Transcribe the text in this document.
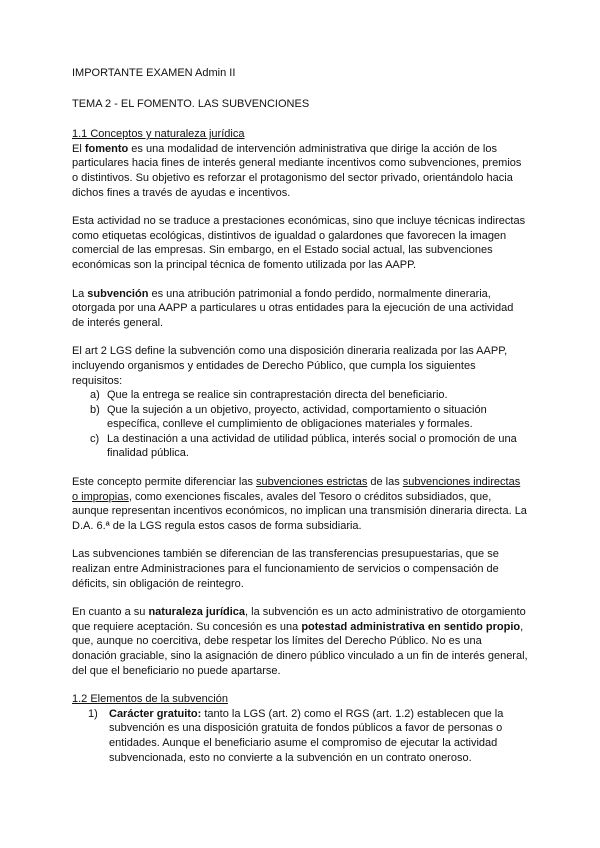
IMPORTANTE EXAMEN Admin II

TEMA 2 - EL FOMENTO. LAS SUBVENCIONES

1.1 Conceptos y naturaleza jurídica

El fomento es una modalidad de intervención administrativa que dirige la acción de los particulares hacia fines de interés general mediante incentivos como subvenciones, premios o distintivos. Su objetivo es reforzar el protagonismo del sector privado, orientándolo hacia dichos fines a través de ayudas e incentivos.

Esta actividad no se traduce a prestaciones económicas, sino que incluye técnicas indirectas como etiquetas ecológicas, distintivos de igualdad o galardones que favorecen la imagen comercial de las empresas. Sin embargo, en el Estado social actual, las subvenciones económicas son la principal técnica de fomento utilizada por las AAPP.

La subvención es una atribución patrimonial a fondo perdido, normalmente dineraria, otorgada por una AAPP a particulares u otras entidades para la ejecución de una actividad de interés general.

El art 2 LGS define la subvención como una disposición dineraria realizada por las AAPP, incluyendo organismos y entidades de Derecho Público, que cumpla los siguientes requisitos:

a) Que la entrega se realice sin contraprestación directa del beneficiario.
b) Que la sujeción a un objetivo, proyecto, actividad, comportamiento o situación específica, conlleve el cumplimiento de obligaciones materiales y formales.
c) La destinación a una actividad de utilidad pública, interés social o promoción de una finalidad pública.

Este concepto permite diferenciar las subvenciones estrictas de las subvenciones indirectas o impropias, como exenciones fiscales, avales del Tesoro o créditos subsidiados, que, aunque representan incentivos económicos, no implican una transmisión dineraria directa. La D.A. 6.ª de la LGS regula estos casos de forma subsidiaria.

Las subvenciones también se diferencian de las transferencias presupuestarias, que se realizan entre Administraciones para el funcionamiento de servicios o compensación de déficits, sin obligación de reintegro.

En cuanto a su naturaleza jurídica, la subvención es un acto administrativo de otorgamiento que requiere aceptación. Su concesión es una potestad administrativa en sentido propio, que, aunque no coercitiva, debe respetar los límites del Derecho Público. No es una donación graciable, sino la asignación de dinero público vinculado a un fin de interés general, del que el beneficiario no puede apartarse.

1.2 Elementos de la subvención

1) Carácter gratuito: tanto la LGS (art. 2) como el RGS (art. 1.2) establecen que la subvención es una disposición gratuita de fondos públicos a favor de personas o entidades. Aunque el beneficiario asume el compromiso de ejecutar la actividad subvencionada, esto no convierte a la subvención en un contrato oneroso.
